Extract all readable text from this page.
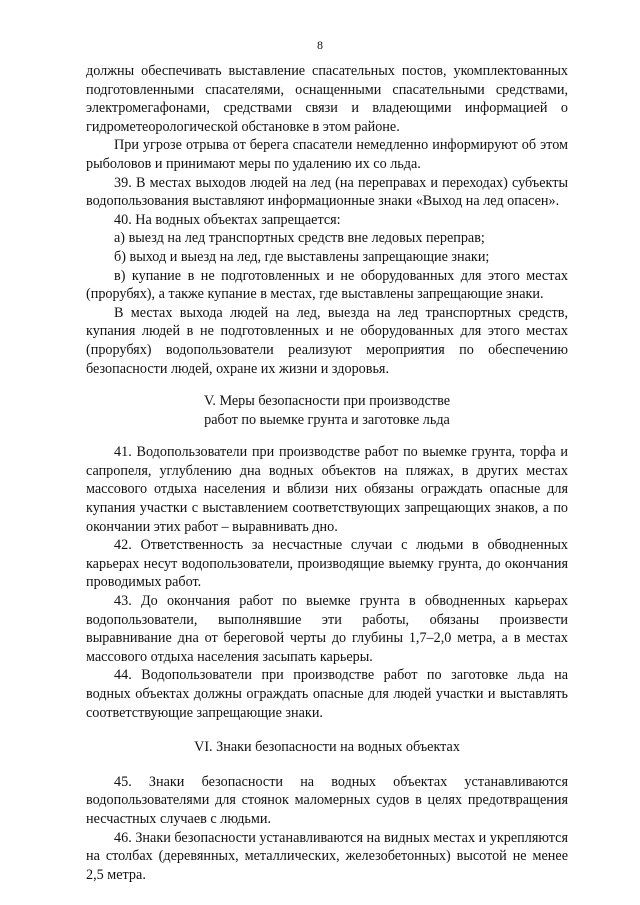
8

должны обеспечивать выставление спасательных постов, укомплектованных подготовленными спасателями, оснащенными спасательными средствами, электромегафонами, средствами связи и владеющими информацией о гидрометеорологической обстановке в этом районе.

При угрозе отрыва от берега спасатели немедленно информируют об этом рыболовов и принимают меры по удалению их со льда.

39. В местах выходов людей на лед (на переправах и переходах) субъекты водопользования выставляют информационные знаки «Выход на лед опасен».

40. На водных объектах запрещается:

а) выезд на лед транспортных средств вне ледовых переправ;

б) выход и выезд на лед, где выставлены запрещающие знаки;

в) купание в не подготовленных и не оборудованных для этого местах (прорубях), а также купание в местах, где выставлены запрещающие знаки.

В местах выхода людей на лед, выезда на лед транспортных средств, купания людей в не подготовленных и не оборудованных для этого местах (прорубях) водопользователи реализуют мероприятия по обеспечению безопасности людей, охране их жизни и здоровья.

V. Меры безопасности при производстве
работ по выемке грунта и заготовке льда

41. Водопользователи при производстве работ по выемке грунта, торфа и сапропеля, углублению дна водных объектов на пляжах, в других местах массового отдыха населения и вблизи них обязаны ограждать опасные для купания участки с выставлением соответствующих запрещающих знаков, а по окончании этих работ – выравнивать дно.

42. Ответственность за несчастные случаи с людьми в обводненных карьерах несут водопользователи, производящие выемку грунта, до окончания проводимых работ.

43. До окончания работ по выемке грунта в обводненных карьерах водопользователи, выполнявшие эти работы, обязаны произвести выравнивание дна от береговой черты до глубины 1,7–2,0 метра, а в местах массового отдыха населения засыпать карьеры.

44. Водопользователи при производстве работ по заготовке льда на водных объектах должны ограждать опасные для людей участки и выставлять соответствующие запрещающие знаки.

VI. Знаки безопасности на водных объектах

45. Знаки безопасности на водных объектах устанавливаются водопользователями для стоянок маломерных судов в целях предотвращения несчастных случаев с людьми.

46. Знаки безопасности устанавливаются на видных местах и укрепляются на столбах (деревянных, металлических, железобетонных) высотой не менее 2,5 метра.
